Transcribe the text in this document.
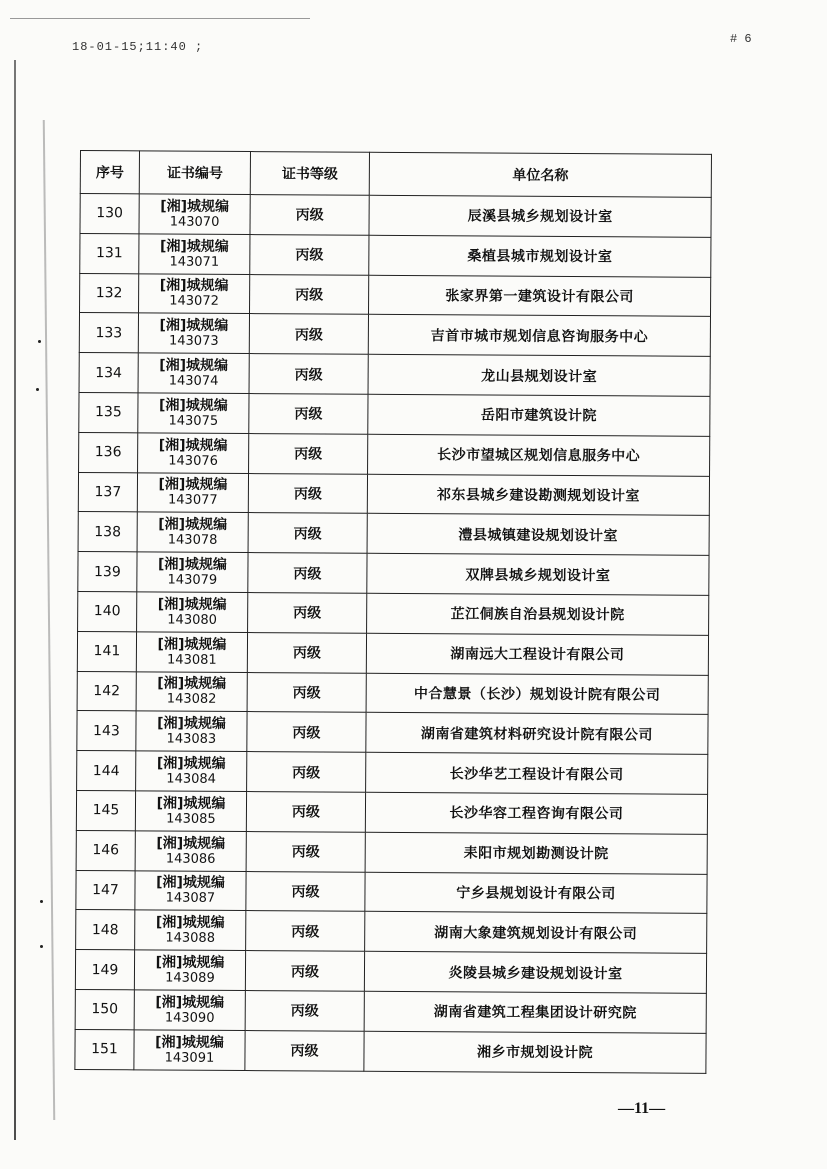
18-01-15;11:40 ;
# 6
序号	证书编号	证书等级	单位名称
130	[湘]城规编
143070	丙级	辰溪县城乡规划设计室
131	[湘]城规编
143071	丙级	桑植县城市规划设计室
132	[湘]城规编
143072	丙级	张家界第一建筑设计有限公司
133	[湘]城规编
143073	丙级	吉首市城市规划信息咨询服务中心
134	[湘]城规编
143074	丙级	龙山县规划设计室
135	[湘]城规编
143075	丙级	岳阳市建筑设计院
136	[湘]城规编
143076	丙级	长沙市望城区规划信息服务中心
137	[湘]城规编
143077	丙级	祁东县城乡建设勘测规划设计室
138	[湘]城规编
143078	丙级	澧县城镇建设规划设计室
139	[湘]城规编
143079	丙级	双牌县城乡规划设计室
140	[湘]城规编
143080	丙级	芷江侗族自治县规划设计院
141	[湘]城规编
143081	丙级	湖南远大工程设计有限公司
142	[湘]城规编
143082	丙级	中合慧景（长沙）规划设计院有限公司
143	[湘]城规编
143083	丙级	湖南省建筑材料研究设计院有限公司
144	[湘]城规编
143084	丙级	长沙华艺工程设计有限公司
145	[湘]城规编
143085	丙级	长沙华容工程咨询有限公司
146	[湘]城规编
143086	丙级	耒阳市规划勘测设计院
147	[湘]城规编
143087	丙级	宁乡县规划设计有限公司
148	[湘]城规编
143088	丙级	湖南大象建筑规划设计有限公司
149	[湘]城规编
143089	丙级	炎陵县城乡建设规划设计室
150	[湘]城规编
143090	丙级	湖南省建筑工程集团设计研究院
151	[湘]城规编
143091	丙级	湘乡市规划设计院
—11—
